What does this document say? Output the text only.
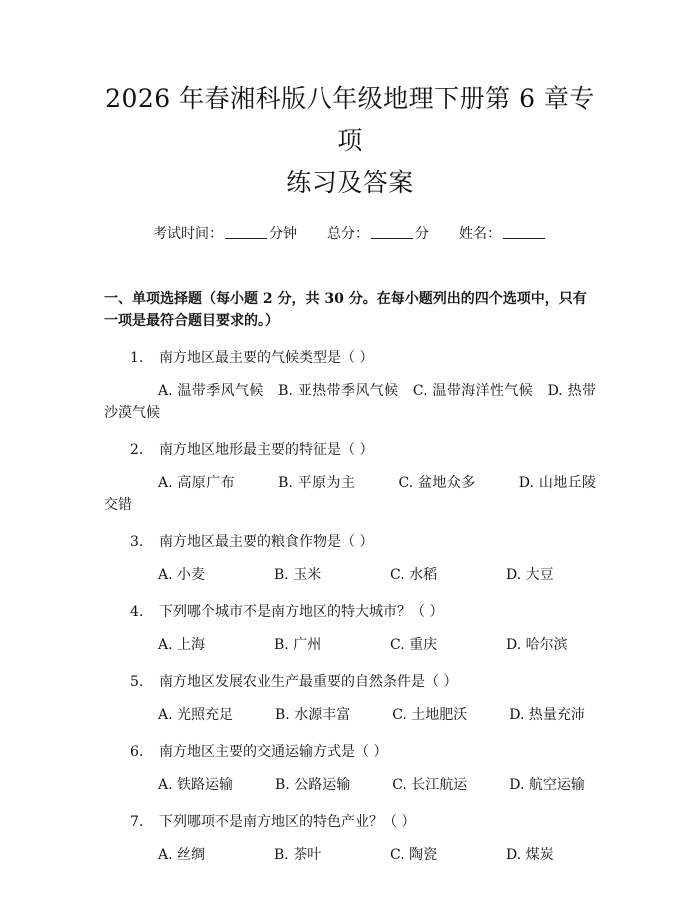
2026 年春湘科版八年级地理下册第 6 章专项
练习及答案
考试时间：	分钟 总分：	分 姓名：
一、单项选择题（每小题 2 分，共 30 分。在每小题列出的四个选项中，只有一项是最符合题目要求的。）
1.	南方地区最主要的气候类型是（ ）
A. 温带季风气候　B. 亚热带季风气候　C. 温带海洋性气候　D. 热带沙漠气候
2.	南方地区地形最主要的特征是（ ）
A. 高原广布　　　B. 平原为主　　　C. 盆地众多　　　D. 山地丘陵交错
3.	南方地区最主要的粮食作物是（ ）
A. 小麦	B. 玉米	C. 水稻	D. 大豆
4.	下列哪个城市不是南方地区的特大城市？（ ）
A. 上海	B. 广州	C. 重庆	D. 哈尔滨
5.	南方地区发展农业生产最重要的自然条件是（ ）
A. 光照充足　　　B. 水源丰富　　　C. 土地肥沃　　　D. 热量充沛
6.	南方地区主要的交通运输方式是（ ）
A. 铁路运输　　　B. 公路运输　　　C. 长江航运　　　D. 航空运输
7.	下列哪项不是南方地区的特色产业？（ ）
A. 丝绸	B. 茶叶	C. 陶瓷	D. 煤炭
